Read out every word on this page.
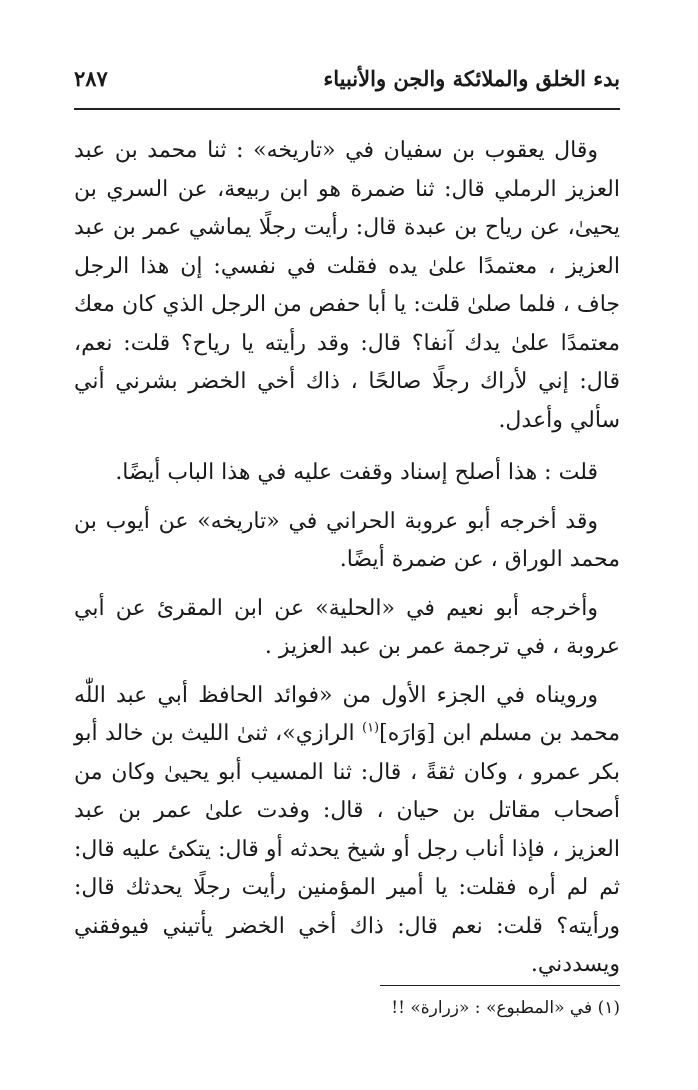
بدء الخلق والملائكة والجن والأنبياء
٢٨٧

وقال يعقوب بن سفيان في «تاريخه» : ثنا محمد بن عبد العزيز الرملي قال: ثنا ضمرة هو ابن ربيعة، عن السري بن يحيىٰ، عن رياح بن عبدة قال: رأيت رجلًا يماشي عمر بن عبد العزيز ، معتمدًا علىٰ يده فقلت في نفسي: إن هذا الرجل جاف ، فلما صلىٰ قلت: يا أبا حفص من الرجل الذي كان معك معتمدًا علىٰ يدك آنفا؟ قال: وقد رأيته يا رياح؟ قلت: نعم، قال: إني لأراك رجلًا صالحًا ، ذاك أخي الخضر بشرني أني سألي وأعدل.

قلت : هذا أصلح إسناد وقفت عليه في هذا الباب أيضًا.

وقد أخرجه أبو عروبة الحراني في «تاريخه» عن أيوب بن محمد الوراق ، عن ضمرة أيضًا.

وأخرجه أبو نعيم في «الحلية» عن ابن المقرئ عن أبي عروبة ، في ترجمة عمر بن عبد العزيز .

ورويناه في الجزء الأول من «فوائد الحافظ أبي عبد اللّٰه محمد بن مسلم ابن [وَارَه]$^{(١)}$ الرازي»، ثنیٰ الليث بن خالد أبو بكر عمرو ، وكان ثقةً ، قال: ثنا المسيب أبو يحيىٰ وكان من أصحاب مقاتل بن حيان ، قال: وفدت علىٰ عمر بن عبد العزيز ، فإذا أناب رجل أو شيخ يحدثه أو قال: يتكئ عليه قال: ثم لم أره فقلت: يا أمير المؤمنين رأيت رجلًا يحدثك قال: ورأيته؟ قلت: نعم قال: ذاك أخي الخضر يأتيني فيوفقني ويسددني.

(١) في «المطبوع» : «زرارة» !!
